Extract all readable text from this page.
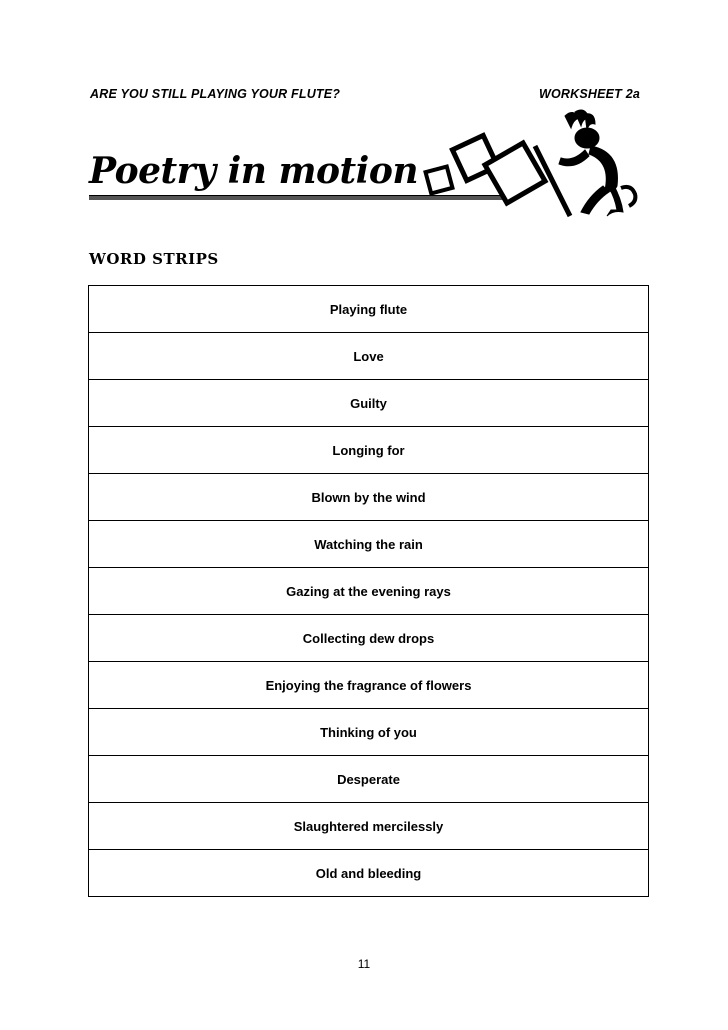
ARE YOU STILL PLAYING YOUR FLUTE?	WORKSHEET 2a
Poetry in motion
WORD STRIPS
Playing flute
Love
Guilty
Longing for
Blown by the wind
Watching the rain
Gazing at the evening rays
Collecting dew drops
Enjoying the fragrance of flowers
Thinking of you
Desperate
Slaughtered mercilessly
Old and bleeding
11
